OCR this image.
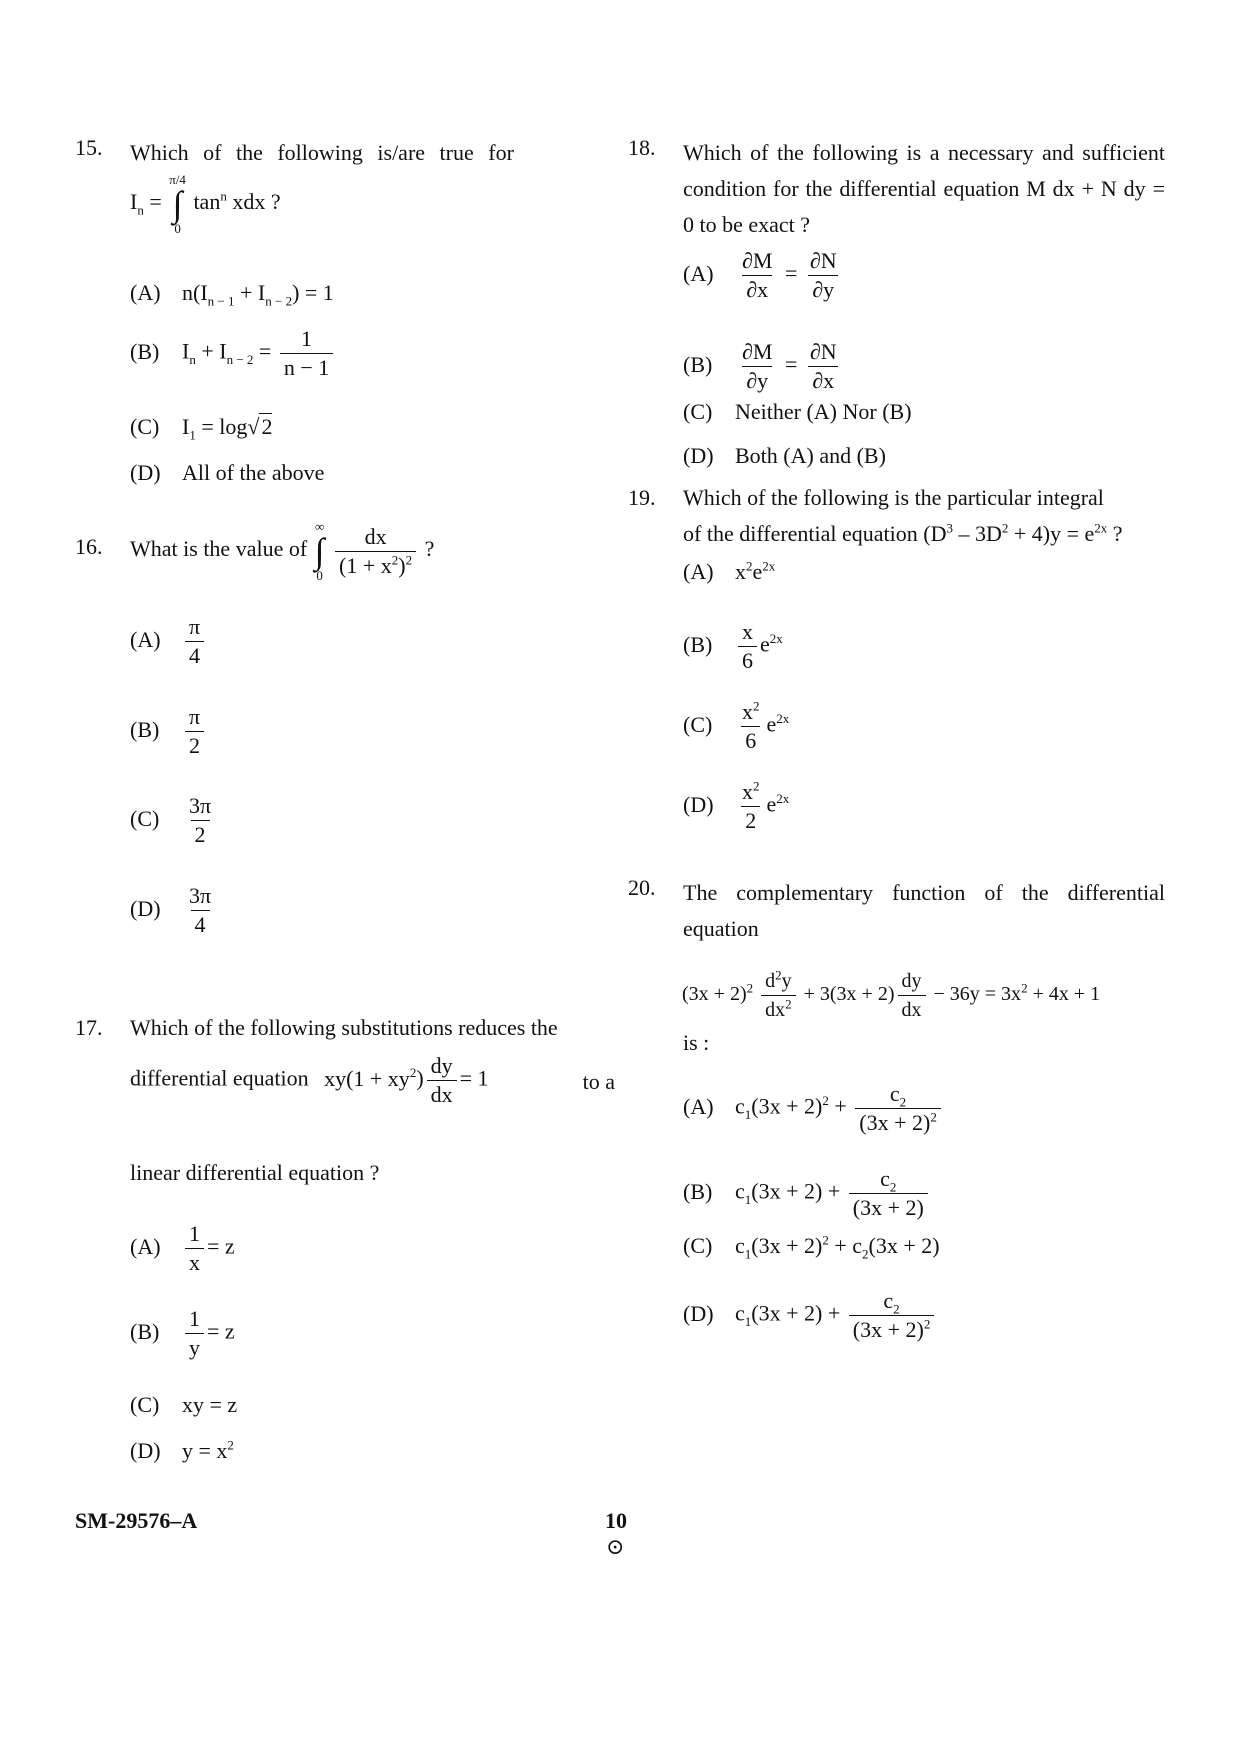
15. Which of the following is/are true for
$I_n$ =
π/4
∫
0
$\tan^n$ xdx ?
(A) $n(I_{n - 1} + I_{n - 2}) = 1$
(B) $I_n + I_{n - 2} = \frac{1}{n - 1}$
(C) $I_1 = \log√2$
(D) All of the above
16. What is the value of
∞
∫
0
$\frac{dx}{(1 + x^2)^2}$ ?
$(A) \frac{\pi}{4}$
$(B) \frac{\pi}{2}$
$(C) \frac{3\pi}{2}$
$(D) \frac{3\pi}{4}$
17. Which of the following substitutions reduces the
differential equation $xy(1 + xy^2) \frac{dy}{dx} = 1$	to a
linear differential equation ?
$(A) \frac{1}{x} = z$
$(B) \frac{1}{y} = z$
(C) xy = z
(D) $y = x^2$
18. Which of the following is a necessary and sufficient condition for the differential equation M dx + N dy = 0 to be exact ?
$(A) \frac{\partial M}{\partial x} = \frac{\partial N}{\partial y}$
$(B) \frac{\partial M}{\partial y} = \frac{\partial N}{\partial x}$
(C) Neither (A) Nor (B)
(D) Both (A) and (B)
19. Which of the following is the particular integral
of the differential equation $(D^3 - 3D^2 + 4)y = e^{2x}$ ?
(A) $x^2e^{2x}$
$(B) \frac{x}{6} e^{2x}$
$(C) \frac{x^2}{6} e^{2x}$
$(D) \frac{x^2}{2} e^{2x}$
20. The complementary function of the differential equation
$(3x + 2)^2 \frac{d^2y}{dx^2} + 3(3x + 2) \frac{dy}{dx} - 36y = 3x^2 + 4x + 1$
is :
(A) $c_1(3x + 2)^2 + \frac{c_2}{(3x + 2)^2}$
(B) $c_1(3x + 2) + \frac{c_2}{(3x + 2)}$
(C) $c_1(3x + 2)^2 + c_2(3x + 2)$
(D) $c_1(3x + 2) + \frac{c_2}{(3x + 2)^2}$
SM-29576–A	10
⊙
